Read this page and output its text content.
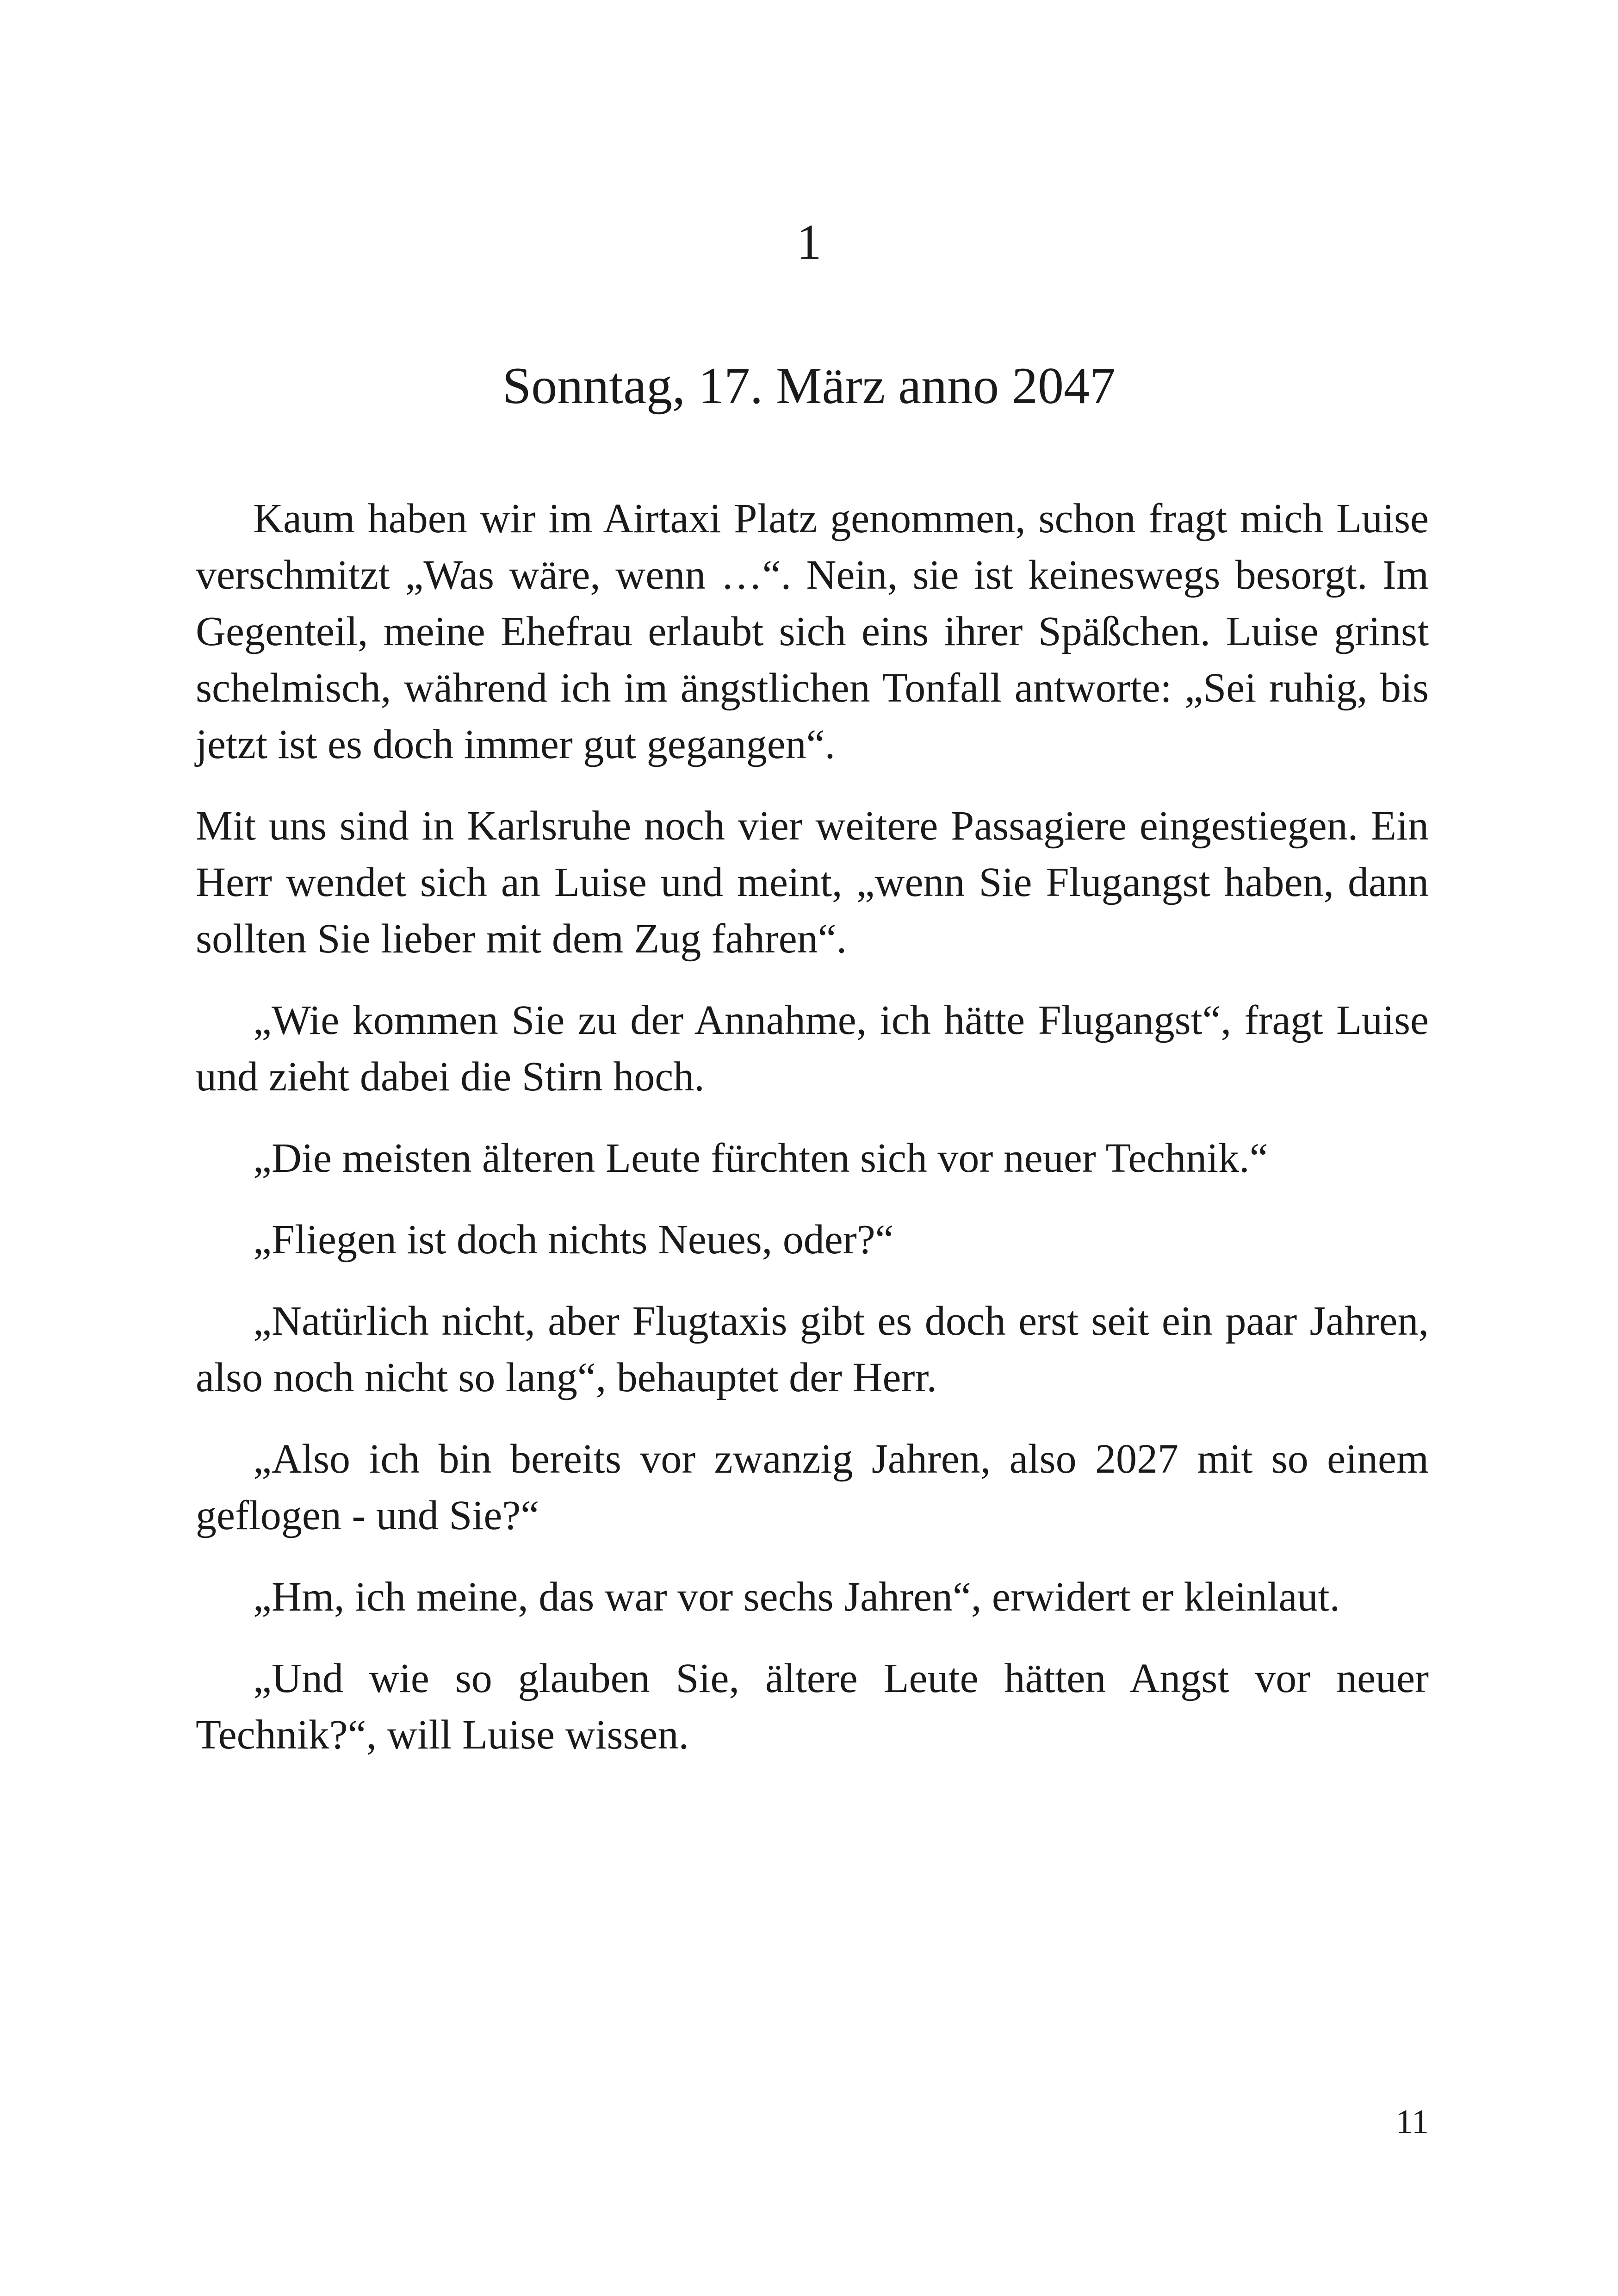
1
Sonntag, 17. März anno 2047

Kaum haben wir im Airtaxi Platz genommen, schon fragt mich Luise verschmitzt „Was wäre, wenn …“. Nein, sie ist keineswegs besorgt. Im Gegenteil, meine Ehefrau erlaubt sich eins ihrer Späßchen. Luise grinst schelmisch, während ich im ängstlichen Tonfall antworte: „Sei ruhig, bis jetzt ist es doch immer gut gegangen“.

Mit uns sind in Karlsruhe noch vier weitere Passagiere eingestiegen. Ein Herr wendet sich an Luise und meint, „wenn Sie Flugangst haben, dann sollten Sie lieber mit dem Zug fahren“.

„Wie kommen Sie zu der Annahme, ich hätte Flugangst“, fragt Luise und zieht dabei die Stirn hoch.

„Die meisten älteren Leute fürchten sich vor neuer Technik.“

„Fliegen ist doch nichts Neues, oder?“

„Natürlich nicht, aber Flugtaxis gibt es doch erst seit ein paar Jahren, also noch nicht so lang“, behauptet der Herr.

„Also ich bin bereits vor zwanzig Jahren, also 2027 mit so einem geflogen - und Sie?“

„Hm, ich meine, das war vor sechs Jahren“, erwidert er kleinlaut.

„Und wie so glauben Sie, ältere Leute hätten Angst vor neuer Technik?“, will Luise wissen.

11
